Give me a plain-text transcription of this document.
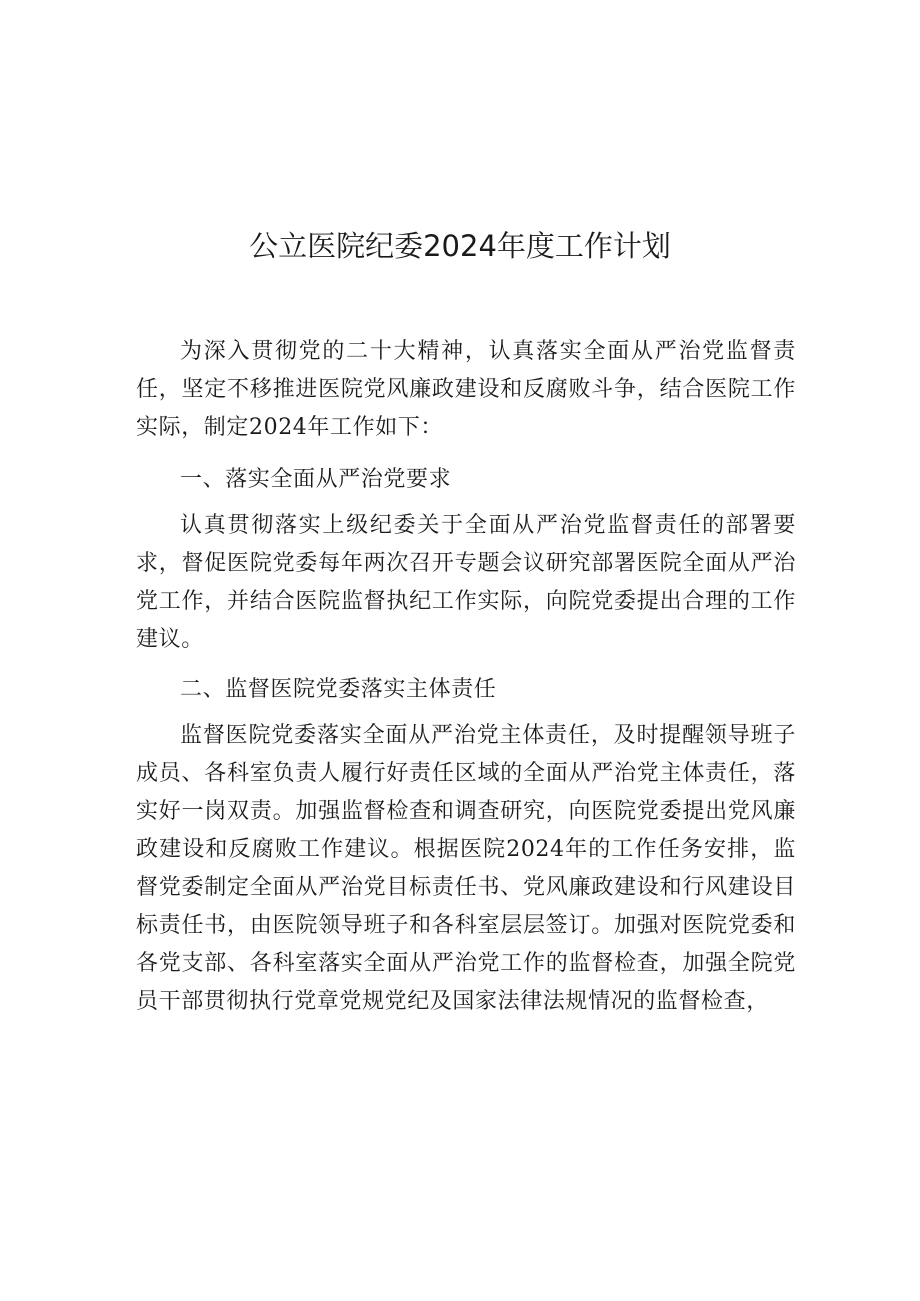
公立医院纪委2024年度工作计划

为深入贯彻党的二十大精神，认真落实全面从严治党监督责任，坚定不移推进医院党风廉政建设和反腐败斗争，结合医院工作实际，制定2024年工作如下：

一、落实全面从严治党要求

认真贯彻落实上级纪委关于全面从严治党监督责任的部署要求，督促医院党委每年两次召开专题会议研究部署医院全面从严治党工作，并结合医院监督执纪工作实际，向院党委提出合理的工作建议。

二、监督医院党委落实主体责任

监督医院党委落实全面从严治党主体责任，及时提醒领导班子成员、各科室负责人履行好责任区域的全面从严治党主体责任，落实好一岗双责。加强监督检查和调查研究，向医院党委提出党风廉政建设和反腐败工作建议。根据医院2024年的工作任务安排，监督党委制定全面从严治党目标责任书、党风廉政建设和行风建设目标责任书，由医院领导班子和各科室层层签订。加强对医院党委和各党支部、各科室落实全面从严治党工作的监督检查，加强全院党员干部贯彻执行党章党规党纪及国家法律法规情况的监督检查，
